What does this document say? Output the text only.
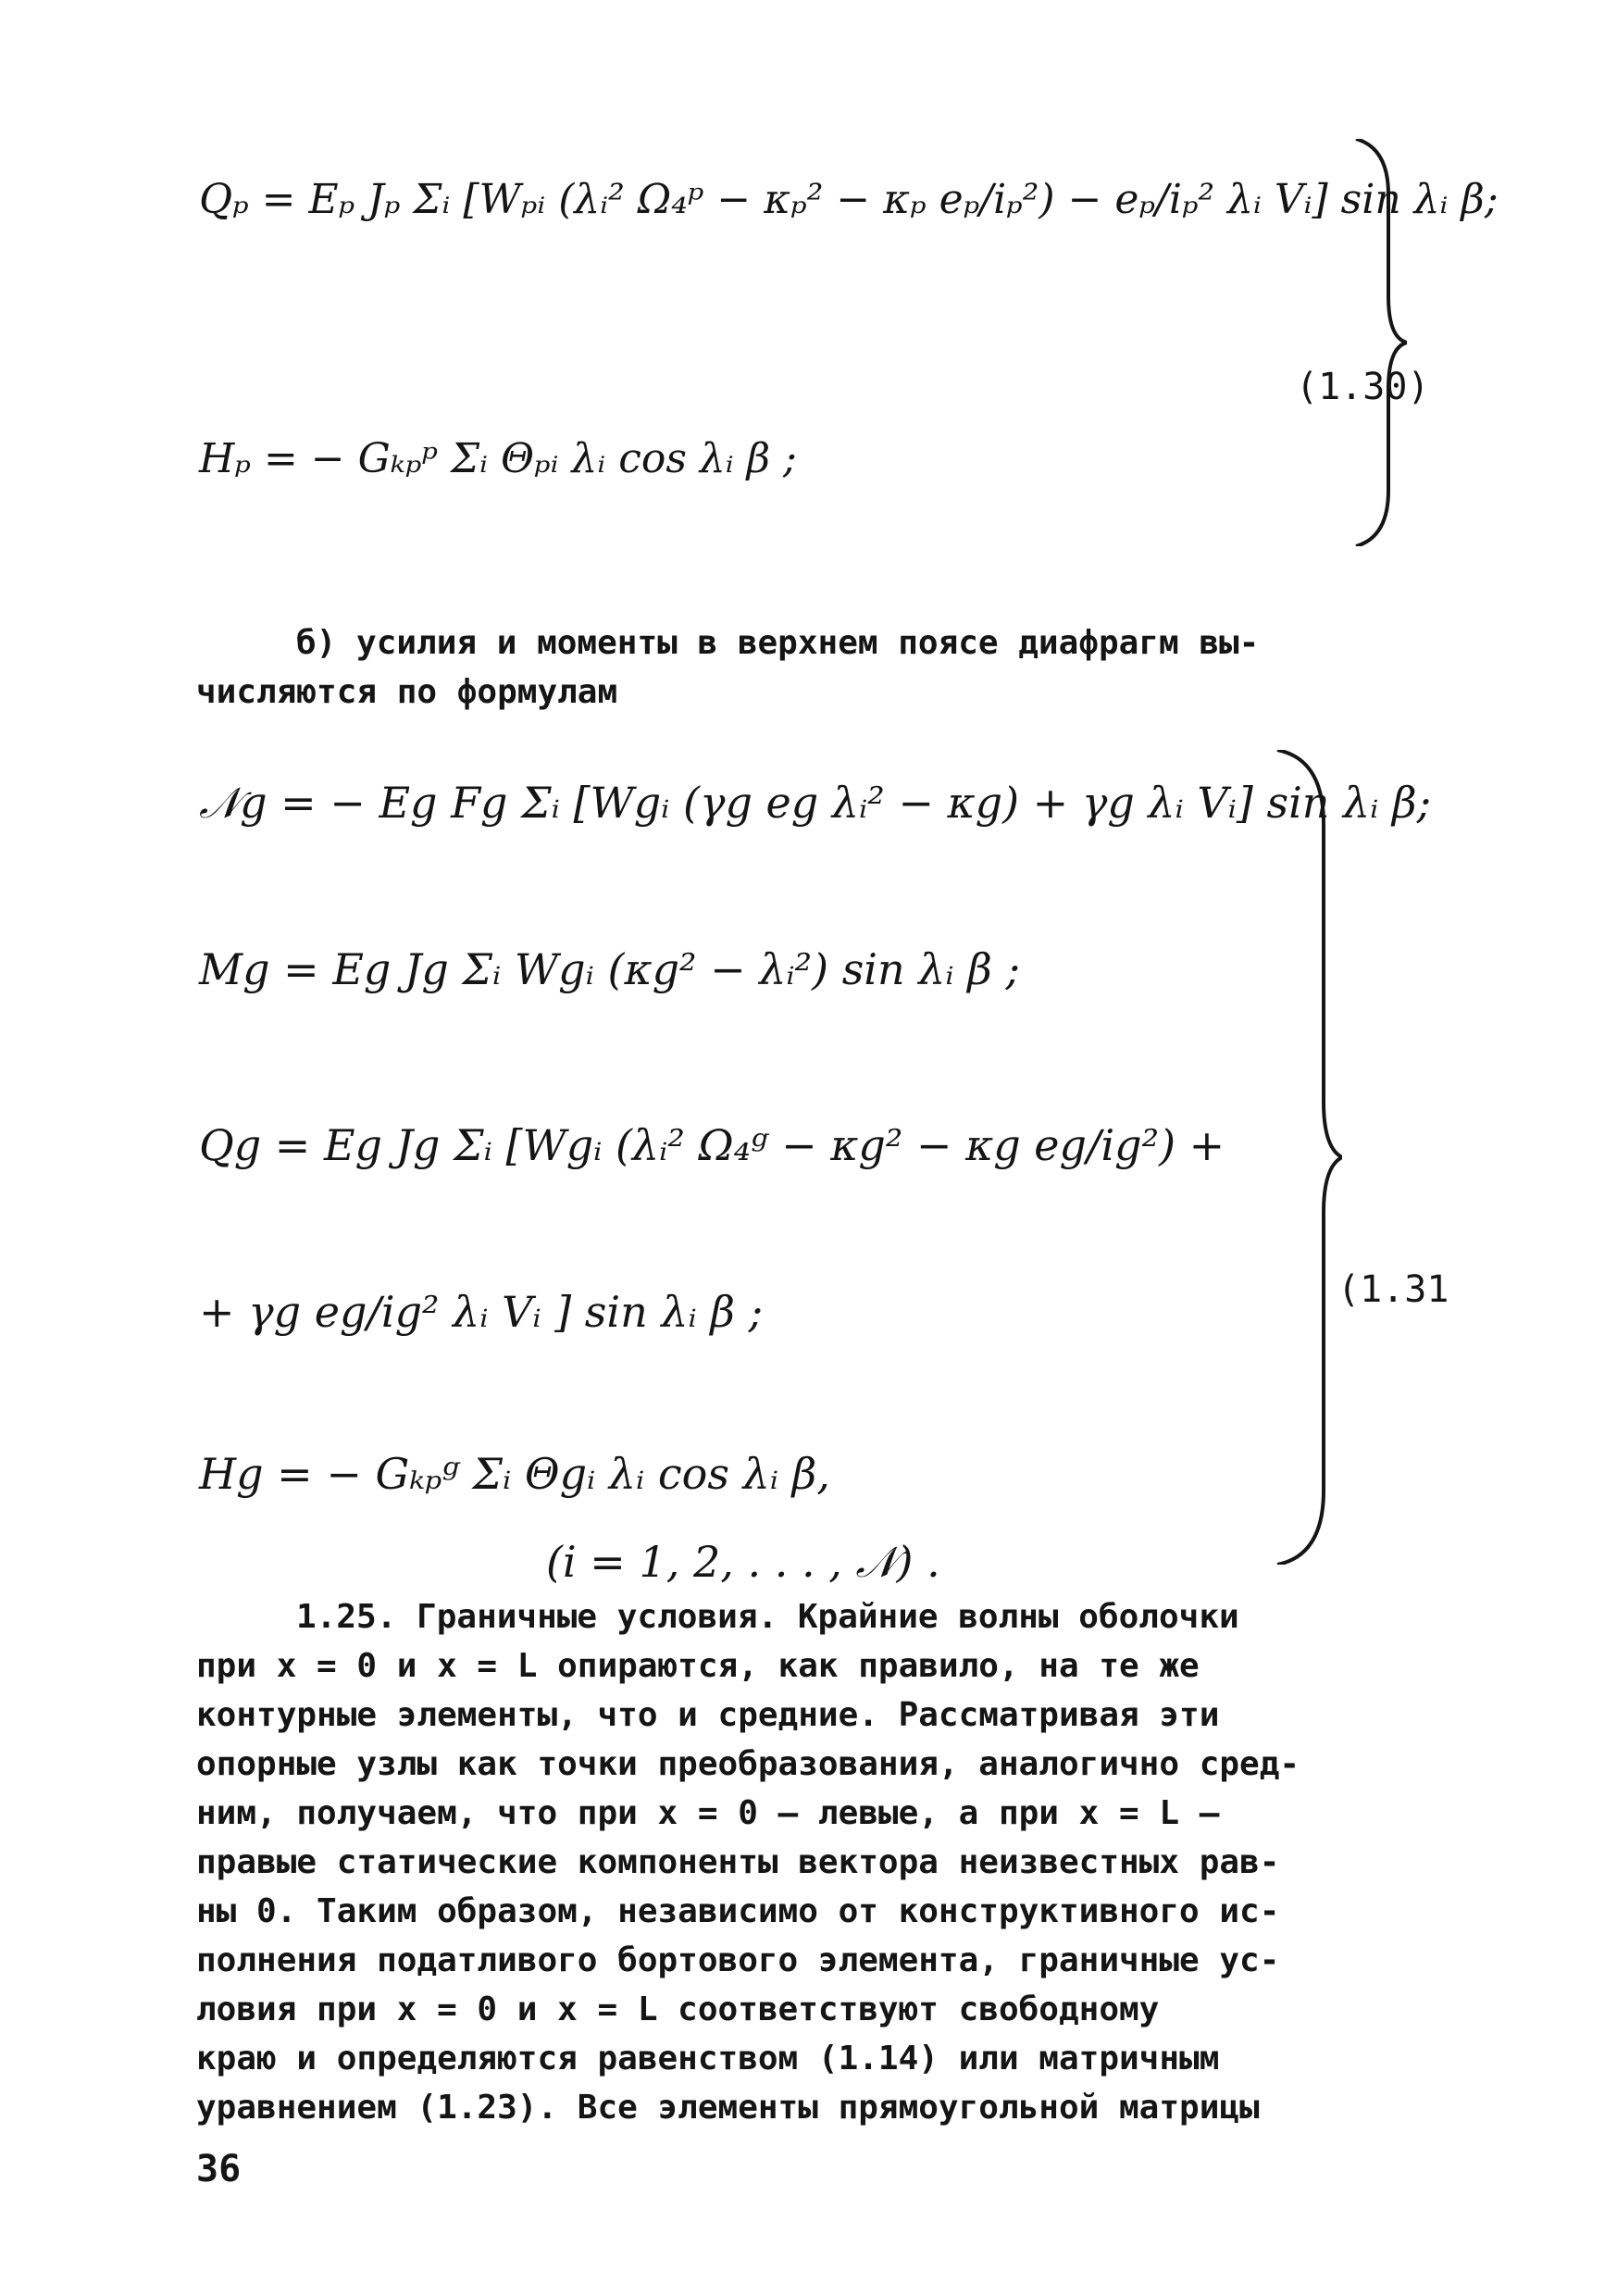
Qₚ = Eₚ Jₚ Σᵢ [Wₚᵢ (λᵢ² Ω₄ᵖ − κₚ² − κₚ eₚ/iₚ²) − eₚ/iₚ² λᵢ Vᵢ] sin λᵢ β;
Hₚ = − Gₖₚᵖ Σᵢ Θₚᵢ λᵢ cos λᵢ β ;
(1.30)
б) усилия и моменты в верхнем поясе диафрагм вы-
числяются по формулам
𝒩g = − Eg Fg Σᵢ [Wgᵢ (γg eg λᵢ² − κg) + γg λᵢ Vᵢ] sin λᵢ β;
Mg = Eg Jg Σᵢ Wgᵢ (κg² − λᵢ²) sin λᵢ β ;
Qg = Eg Jg Σᵢ [Wgᵢ (λᵢ² Ω₄ᵍ − κg² − κg eg/ig²) +
+ γg eg/ig² λᵢ Vᵢ ] sin λᵢ β ;
Hg = − Gₖₚᵍ Σᵢ Θgᵢ λᵢ cos λᵢ β,
(i = 1, 2, . . . , 𝒩) .
(1.31
1.25. Граничные условия. Крайние волны оболочки
при x = 0 и x = L опираются, как правило, на те же
контурные элементы, что и средние. Рассматривая эти
опорные узлы как точки преобразования, аналогично сред-
ним, получаем, что при x = 0 – левые, а при x = L –
правые статические компоненты вектора неизвестных рав-
ны 0. Таким образом, независимо от конструктивного ис-
полнения податливого бортового элемента, граничные ус-
ловия при x = 0 и x = L соответствуют свободному
краю и определяются равенством (1.14) или матричным
уравнением (1.23). Все элементы прямоугольной матрицы
36
